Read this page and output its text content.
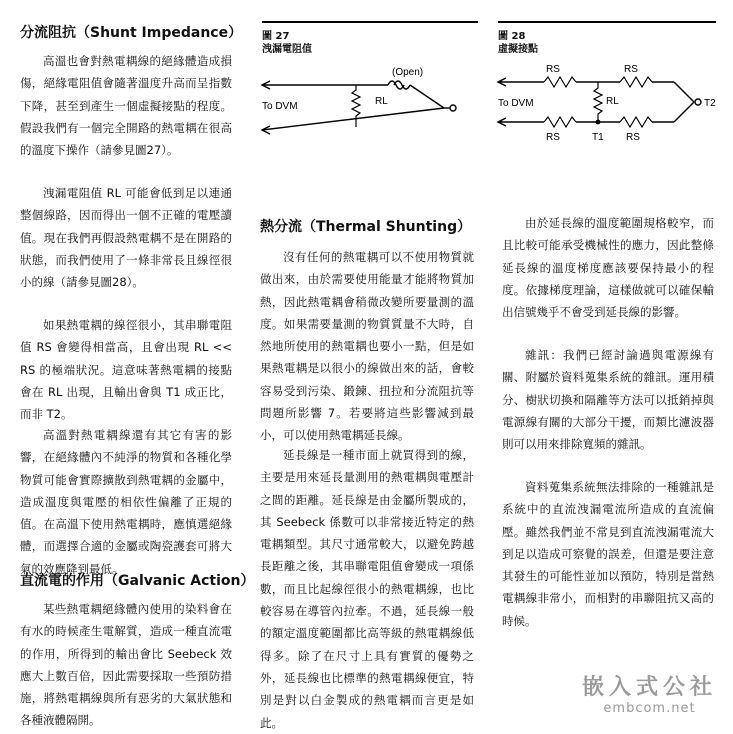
分流阻抗（Shunt Impedance）

高溫也會對熱電耦線的絕緣體造成損傷，絕緣電阻值會隨著溫度升高而呈指數下降，甚至到產生一個虛擬接點的程度。假設我們有一個完全開路的熱電耦在很高的溫度下操作（請參見圖27）。

洩漏電阻值 RL 可能會低到足以連通整個線路，因而得出一個不正確的電壓讀值。現在我們再假設熱電耦不是在開路的狀態，而我們使用了一條非常長且線徑很小的線（請參見圖28）。

如果熱電耦的線徑很小，其串聯電阻值 RS 會變得相當高，且會出現 RL << RS 的極端狀況。這意味著熱電耦的接點會在 RL 出現，且輸出會與 T1 成正比，而非 T2。

高溫對熱電耦線還有其它有害的影響，在絕緣體內不純淨的物質和各種化學物質可能會實際擴散到熱電耦的金屬中，造成溫度與電壓的相依性偏離了正規的值。在高溫下使用熱電耦時，應慎選絕緣體，而選擇合適的金屬或陶瓷護套可將大氣的效應降到最低。

直流電的作用（Galvanic Action）

某些熱電耦絕緣體內使用的染料會在有水的時候產生電解質，造成一種直流電的作用，所得到的輸出會比 Seebeck 效應大上數百倍，因此需要採取一些預防措施，將熱電耦線與所有惡劣的大氣狀態和各種液體隔開。

圖 27
洩漏電阻值
To DVM	RL
(Open)
圖 28
虛擬接點
To DVM
RS	RS
RS	RS
RL
T1
T2
熱分流（Thermal Shunting）

沒有任何的熱電耦可以不使用物質就做出來，由於需要使用能量才能將物質加熱，因此熱電耦會稍微改變所要量測的溫度。如果需要量測的物質質量不大時，自然地所使用的熱電耦也要小一點，但是如果熱電耦是以很小的線做出來的話，會較容易受到污染、鍛鍊、扭拉和分流阻抗等問題所影響 7。若要將這些影響減到最小，可以使用熱電耦延長線。

延長線是一種市面上就買得到的線，主要是用來延長量測用的熱電耦與電壓計之間的距離。延長線是由金屬所製成的，其 Seebeck 係數可以非常接近特定的熱電耦類型。其尺寸通常較大，以避免跨越長距離之後，其串聯電阻值會變成一項係數，而且比起線徑很小的熱電耦線，也比較容易在導管內拉牽。不過，延長線一般的額定溫度範圍都比高等級的熱電耦線低得多。除了在尺寸上具有實質的優勢之外，延長線也比標準的熱電耦線便宜，特別是對以白金製成的熱電耦而言更是如此。

由於延長線的溫度範圍規格較窄，而且比較可能承受機械性的應力，因此整條延長線的溫度梯度應該要保持最小的程度。依據梯度理論，這樣做就可以確保輸出信號幾乎不會受到延長線的影響。

雜訊：我們已經討論過與電源線有關、附屬於資料蒐集系統的雜訊。運用積分、樹狀切換和隔離等方法可以抵銷掉與電源線有關的大部分干擾，而類比濾波器則可以用來排除寬頻的雜訊。

資料蒐集系統無法排除的一種雜訊是系統中的直流洩漏電流所造成的直流偏壓。雖然我們並不常見到直流洩漏電流大到足以造成可察覺的誤差，但還是要注意其發生的可能性並加以預防，特別是當熱電耦線非常小，而相對的串聯阻抗又高的時候。

嵌入式公社
embcom.net
